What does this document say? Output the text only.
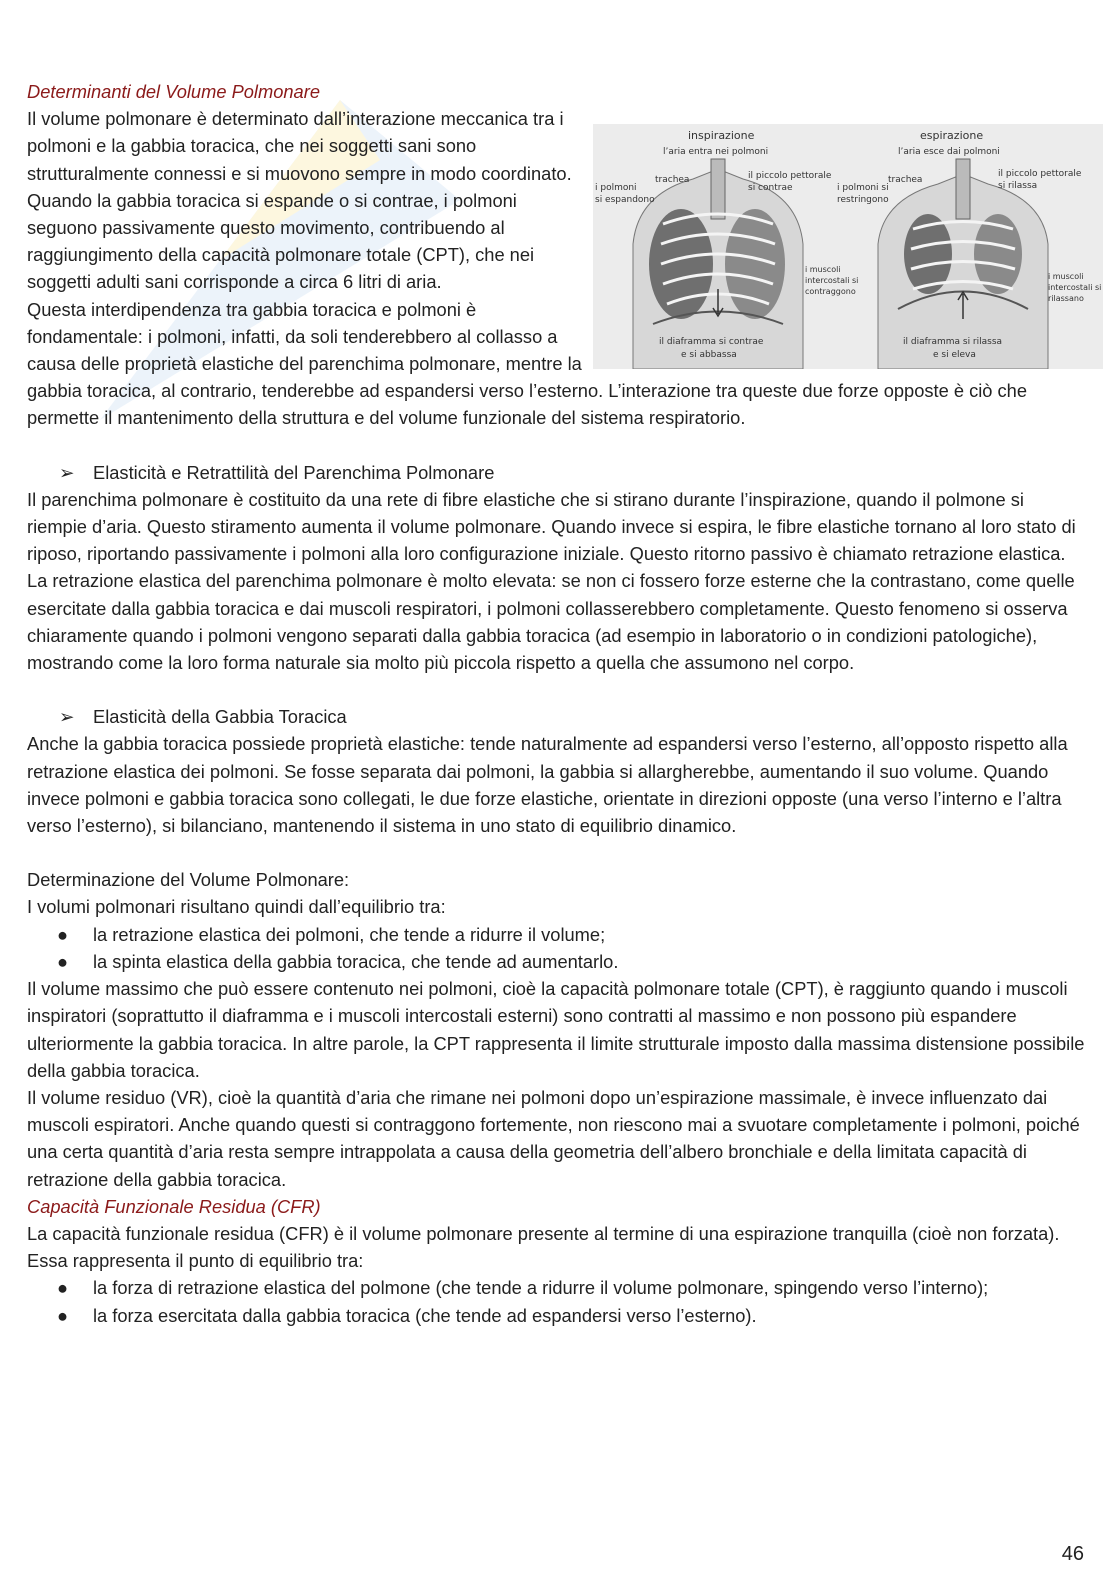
inspirazione
l’aria entra nei polmoni
trachea
i polmoni
si espandono
il piccolo pettorale
si contrae
i muscoli
intercostali si
contraggono
il diaframma si contrae
e si abbassa
espirazione
l’aria esce dai polmoni
trachea
i polmoni si
restringono
il piccolo pettorale
si rilassa
i muscoli
intercostali si
rilassano
il diaframma si rilassa
e si eleva

Determinanti del Volume Polmonare

Il volume polmonare è determinato dall’interazione meccanica tra i polmoni e la gabbia toracica, che nei soggetti sani sono strutturalmente connessi e si muovono sempre in modo coordinato. Quando la gabbia toracica si espande o si contrae, i polmoni seguono passivamente questo movimento, contribuendo al raggiungimento della capacità polmonare totale (CPT), che nei soggetti adulti sani corrisponde a circa 6 litri di aria.

Questa interdipendenza tra gabbia toracica e polmoni è fondamentale: i polmoni, infatti, da soli tenderebbero al collasso a causa delle proprietà elastiche del parenchima polmonare, mentre la gabbia toracica, al contrario, tenderebbe ad espandersi verso l’esterno. L’interazione tra queste due forze opposte è ciò che permette il mantenimento della struttura e del volume funzionale del sistema respiratorio.

➢ Elasticità e Retrattilità del Parenchima Polmonare

Il parenchima polmonare è costituito da una rete di fibre elastiche che si stirano durante l’inspirazione, quando il polmone si riempie d’aria. Questo stiramento aumenta il volume polmonare. Quando invece si espira, le fibre elastiche tornano al loro stato di riposo, riportando passivamente i polmoni alla loro configurazione iniziale. Questo ritorno passivo è chiamato retrazione elastica.

La retrazione elastica del parenchima polmonare è molto elevata: se non ci fossero forze esterne che la contrastano, come quelle esercitate dalla gabbia toracica e dai muscoli respiratori, i polmoni collasserebbero completamente. Questo fenomeno si osserva chiaramente quando i polmoni vengono separati dalla gabbia toracica (ad esempio in laboratorio o in condizioni patologiche), mostrando come la loro forma naturale sia molto più piccola rispetto a quella che assumono nel corpo.

➢ Elasticità della Gabbia Toracica

Anche la gabbia toracica possiede proprietà elastiche: tende naturalmente ad espandersi verso l’esterno, all’opposto rispetto alla retrazione elastica dei polmoni. Se fosse separata dai polmoni, la gabbia si allargherebbe, aumentando il suo volume. Quando invece polmoni e gabbia toracica sono collegati, le due forze elastiche, orientate in direzioni opposte (una verso l’interno e l’altra verso l’esterno), si bilanciano, mantenendo il sistema in uno stato di equilibrio dinamico.

Determinazione del Volume Polmonare:

I volumi polmonari risultano quindi dall’equilibrio tra:

● la retrazione elastica dei polmoni, che tende a ridurre il volume;
● la spinta elastica della gabbia toracica, che tende ad aumentarlo.

Il volume massimo che può essere contenuto nei polmoni, cioè la capacità polmonare totale (CPT), è raggiunto quando i muscoli inspiratori (soprattutto il diaframma e i muscoli intercostali esterni) sono contratti al massimo e non possono più espandere ulteriormente la gabbia toracica. In altre parole, la CPT rappresenta il limite strutturale imposto dalla massima distensione possibile della gabbia toracica.

Il volume residuo (VR), cioè la quantità d’aria che rimane nei polmoni dopo un’espirazione massimale, è invece influenzato dai muscoli espiratori. Anche quando questi si contraggono fortemente, non riescono mai a svuotare completamente i polmoni, poiché una certa quantità d’aria resta sempre intrappolata a causa della geometria dell’albero bronchiale e della limitata capacità di retrazione della gabbia toracica.

Capacità Funzionale Residua (CFR)

La capacità funzionale residua (CFR) è il volume polmonare presente al termine di una espirazione tranquilla (cioè non forzata). Essa rappresenta il punto di equilibrio tra:

● la forza di retrazione elastica del polmone (che tende a ridurre il volume polmonare, spingendo verso l’interno);
● la forza esercitata dalla gabbia toracica (che tende ad espandersi verso l’esterno).
46
